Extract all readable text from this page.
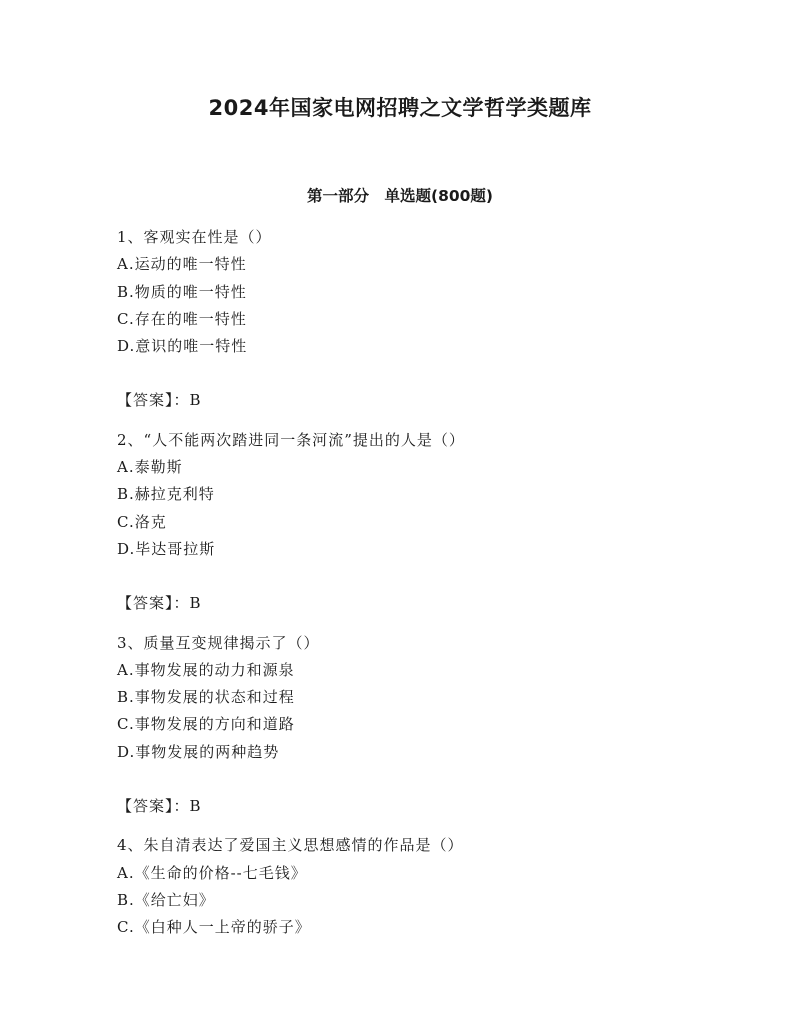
2024年国家电网招聘之文学哲学类题库
第一部分　单选题(800题)
1、客观实在性是（）
A.运动的唯一特性
B.物质的唯一特性
C.存在的唯一特性
D.意识的唯一特性
【答案】：B
2、“人不能两次踏进同一条河流”提出的人是（）
A.泰勒斯
B.赫拉克利特
C.洛克
D.毕达哥拉斯
【答案】：B
3、质量互变规律揭示了（）
A.事物发展的动力和源泉
B.事物发展的状态和过程
C.事物发展的方向和道路
D.事物发展的两种趋势
【答案】：B
4、朱自清表达了爱国主义思想感情的作品是（）
A.《生命的价格--七毛钱》
B.《给亡妇》
C.《白种人一上帝的骄子》
